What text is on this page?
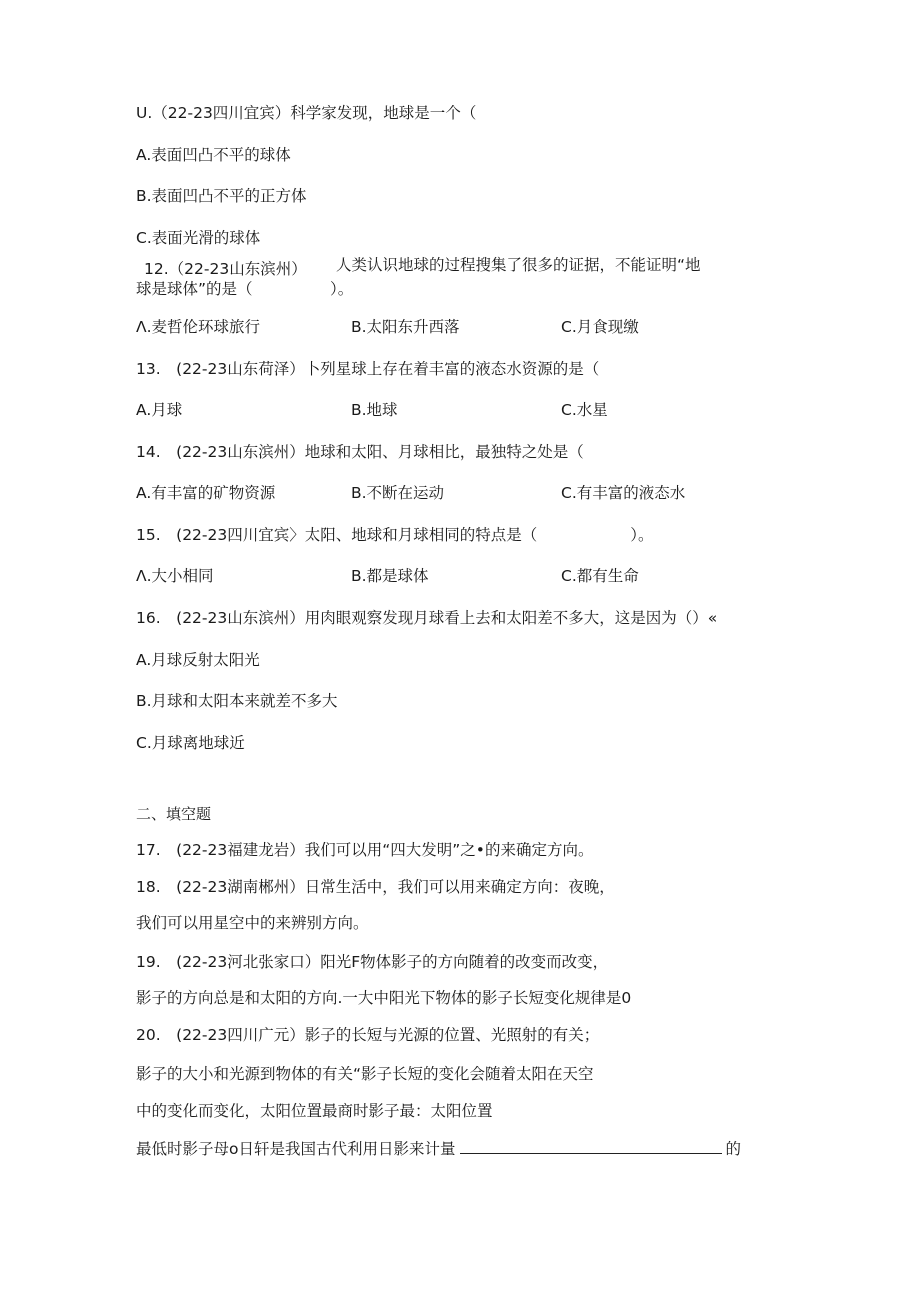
U.（22-23四川宜宾）科学家发现，地球是一个（
A.表面凹凸不平的球体
B.表面凹凸不平的正方体
C.表面光滑的球体
12.（22-23山东滨州） 人类认识地球的过程搜集了很多的证据，不能证明“地
球是球体”的是（　　　　　）。
Λ.麦哲伦环球旅行	B.太阳东升西落	C.月食现缴
13.　(22-23山东荷泽）卜列星球上存在着丰富的液态水资源的是（
A.月球	B.地球	C.水星
14.　(22-23山东滨州）地球和太阳、月球相比，最独特之处是（
A.有丰富的矿物资源	B.不断在运动	C.有丰富的液态水
15.　(22-23四川宜宾〉太阳、地球和月球相同的特点是（　　　　　　）。
Λ.大小相同	B.都是球体	C.都有生命
16.　(22-23山东滨州）用肉眼观察发现月球看上去和太阳差不多大，这是因为（）«
A.月球反射太阳光
B.月球和太阳本来就差不多大
C.月球离地球近
二、填空题
17.　(22-23福建龙岩）我们可以用“四大发明”之•的来确定方向。
18.　(22-23湖南郴州）日常生活中，我们可以用来确定方向：夜晚，
我们可以用星空中的来辨别方向。
19.　(22-23河北张家口）阳光F物体影子的方向随着的改变而改变，
影子的方向总是和太阳的方向.一大中阳光下物体的影子长短变化规律是0
20.　(22-23四川广元）影子的长短与光源的位置、光照射的有关；
影子的大小和光源到物体的有关“影子长短的变化会随着太阳在天空
中的变化而变化，太阳位置最商时影子最：太阳位置
最低时影子母o日轩是我国古代利用日影来计量	的
